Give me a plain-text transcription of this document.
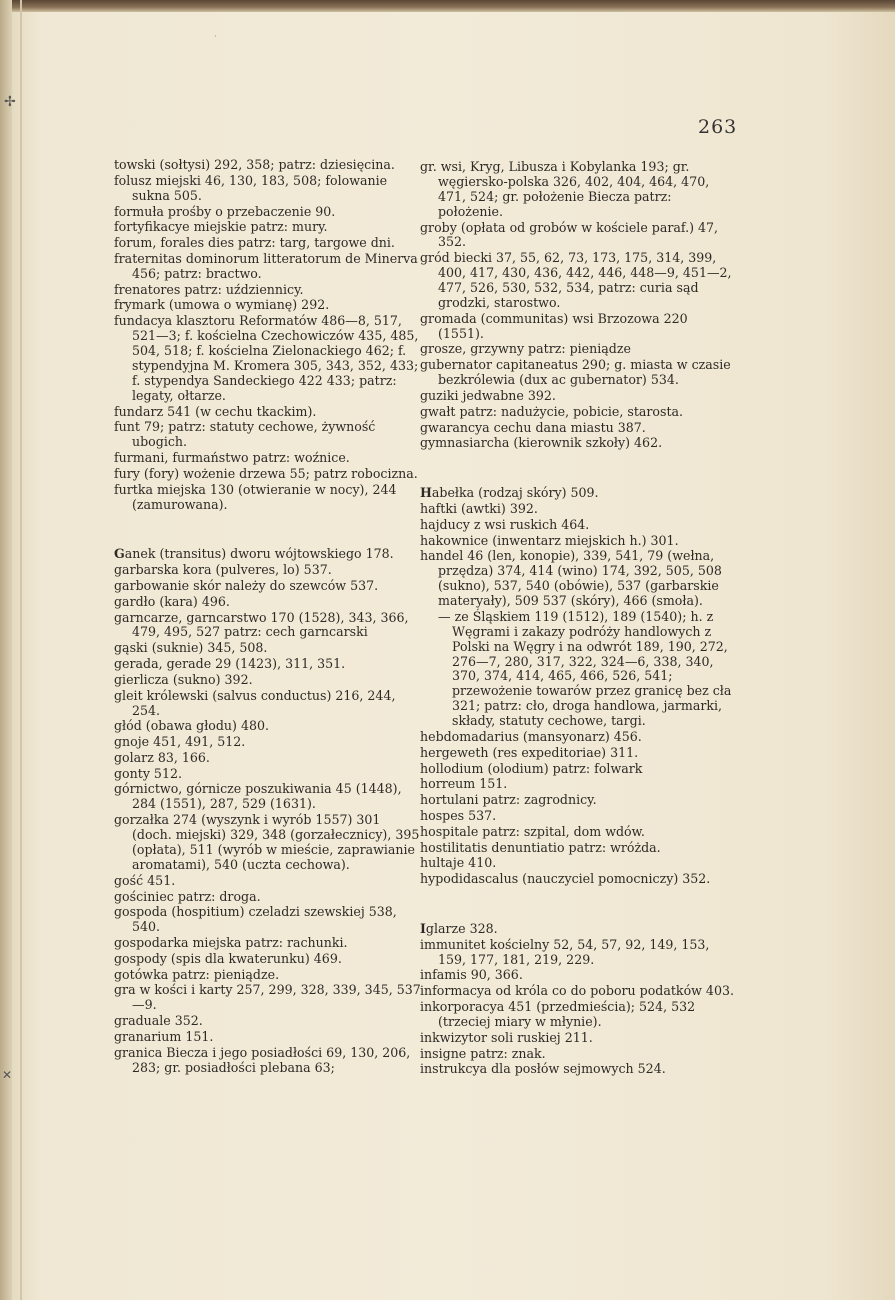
✢
✕
·
263
towski (sołtysi) 292, 358; patrz: dziesięcina.
folusz miejski 46, 130, 183, 508; folowanie sukna 505.
formuła prośby o przebaczenie 90.
fortyfikacye miejskie patrz: mury.
forum, forales dies patrz: targ, targowe dni.
fraternitas dominorum litteratorum de Minerva 456; patrz: bractwo.
frenatores patrz: uździennicy.
frymark (umowa o wymianę) 292.
fundacya klasztoru Reformatów 486—8, 517, 521—3; f. kościelna Czechowiczów 435, 485, 504, 518; f. kościelna Zielonackiego 462; f. stypendyjna M. Kromera 305, 343, 352, 433; f. stypendya Sandeckiego 422 433; patrz: legaty, ołtarze.
fundarz 541 (w cechu tkackim).
funt 79; patrz: statuty cechowe, żywność ubogich.
furmani, furmaństwo patrz: woźnice.
fury (fory) wożenie drzewa 55; patrz robocizna.
furtka miejska 130 (otwieranie w nocy), 244 (zamurowana).
Ganek (transitus) dworu wójtowskiego 178.
garbarska kora (pulveres, lo) 537.
garbowanie skór należy do szewców 537.
gardło (kara) 496.
garncarze, garncarstwo 170 (1528), 343, 366, 479, 495, 527 patrz: cech garncarski
gąski (suknie) 345, 508.
gerada, gerade 29 (1423), 311, 351.
gierlicza (sukno) 392.
gleit królewski (salvus conductus) 216, 244, 254.
głód (obawa głodu) 480.
gnoje 451, 491, 512.
golarz 83, 166.
gonty 512.
górnictwo, górnicze poszukiwania 45 (1448), 284 (1551), 287, 529 (1631).
gorzałka 274 (wyszynk i wyrób 1557) 301 (doch. miejski) 329, 348 (gorzałecznicy), 395 (opłata), 511 (wyrób w mieście, zaprawianie aromatami), 540 (uczta cechowa).
gość 451.
gościniec patrz: droga.
gospoda (hospitium) czeladzi szewskiej 538, 540.
gospodarka miejska patrz: rachunki.
gospody (spis dla kwaterunku) 469.
gotówka patrz: pieniądze.
gra w kości i karty 257, 299, 328, 339, 345, 537—9.
graduale 352.
granarium 151.
granica Biecza i jego posiadłości 69, 130, 206, 283; gr. posiadłości plebana 63;
gr. wsi, Kryg, Libusza i Kobylanka 193; gr. węgiersko-polska 326, 402, 404, 464, 470, 471, 524; gr. położenie Biecza patrz: położenie.
groby (opłata od grobów w kościele paraf.) 47, 352.
gród biecki 37, 55, 62, 73, 173, 175, 314, 399, 400, 417, 430, 436, 442, 446, 448—9, 451—2, 477, 526, 530, 532, 534, patrz: curia sąd grodzki, starostwo.
gromada (communitas) wsi Brzozowa 220 (1551).
grosze, grzywny patrz: pieniądze
gubernator capitaneatus 290; g. miasta w czasie bezkrólewia (dux ac gubernator) 534.
guziki jedwabne 392.
gwałt patrz: nadużycie, pobicie, starosta.
gwarancya cechu dana miastu 387.
gymnasiarcha (kierownik szkoły) 462.
Habełka (rodzaj skóry) 509.
haftki (awtki) 392.
hajducy z wsi ruskich 464.
hakownice (inwentarz miejskich h.) 301.
handel 46 (len, konopie), 339, 541, 79 (wełna, przędza) 374, 414 (wino) 174, 392, 505, 508 (sukno), 537, 540 (obówie), 537 (garbarskie materyały), 509 537 (skóry), 466 (smoła).
— ze Śląskiem 119 (1512), 189 (1540); h. z Węgrami i zakazy podróży handlowych z Polski na Węgry i na odwrót 189, 190, 272, 276—7, 280, 317, 322, 324—6, 338, 340, 370, 374, 414, 465, 466, 526, 541; przewożenie towarów przez granicę bez cła 321; patrz: cło, droga handlowa, jarmarki, składy, statuty cechowe, targi.
hebdomadarius (mansyonarz) 456.
hergeweth (res expeditoriae) 311.
hollodium (olodium) patrz: folwark
horreum 151.
hortulani patrz: zagrodnicy.
hospes 537.
hospitale patrz: szpital, dom wdów.
hostilitatis denuntiatio patrz: wróżda.
hultaje 410.
hypodidascalus (nauczyciel pomocniczy) 352.
Iglarze 328.
immunitet kościelny 52, 54, 57, 92, 149, 153, 159, 177, 181, 219, 229.
infamis 90, 366.
informacya od króla co do poboru podatków 403.
inkorporacya 451 (przedmieścia); 524, 532 (trzeciej miary w młynie).
inkwizytor soli ruskiej 211.
insigne patrz: znak.
instrukcya dla posłów sejmowych 524.
